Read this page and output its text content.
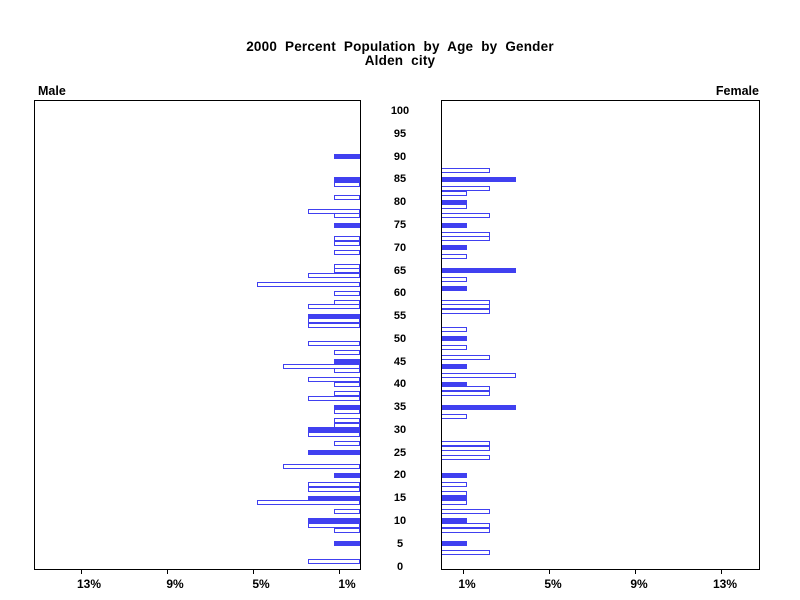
2000 Percent Population by Age by Gender
Alden city
Male	Female
1%	1%
5%	5%
9%	9%
13%	13%
0
5
10
15
20
25
30
35
40
45
50
55
60
65
70
75
80
85
90
95
100
